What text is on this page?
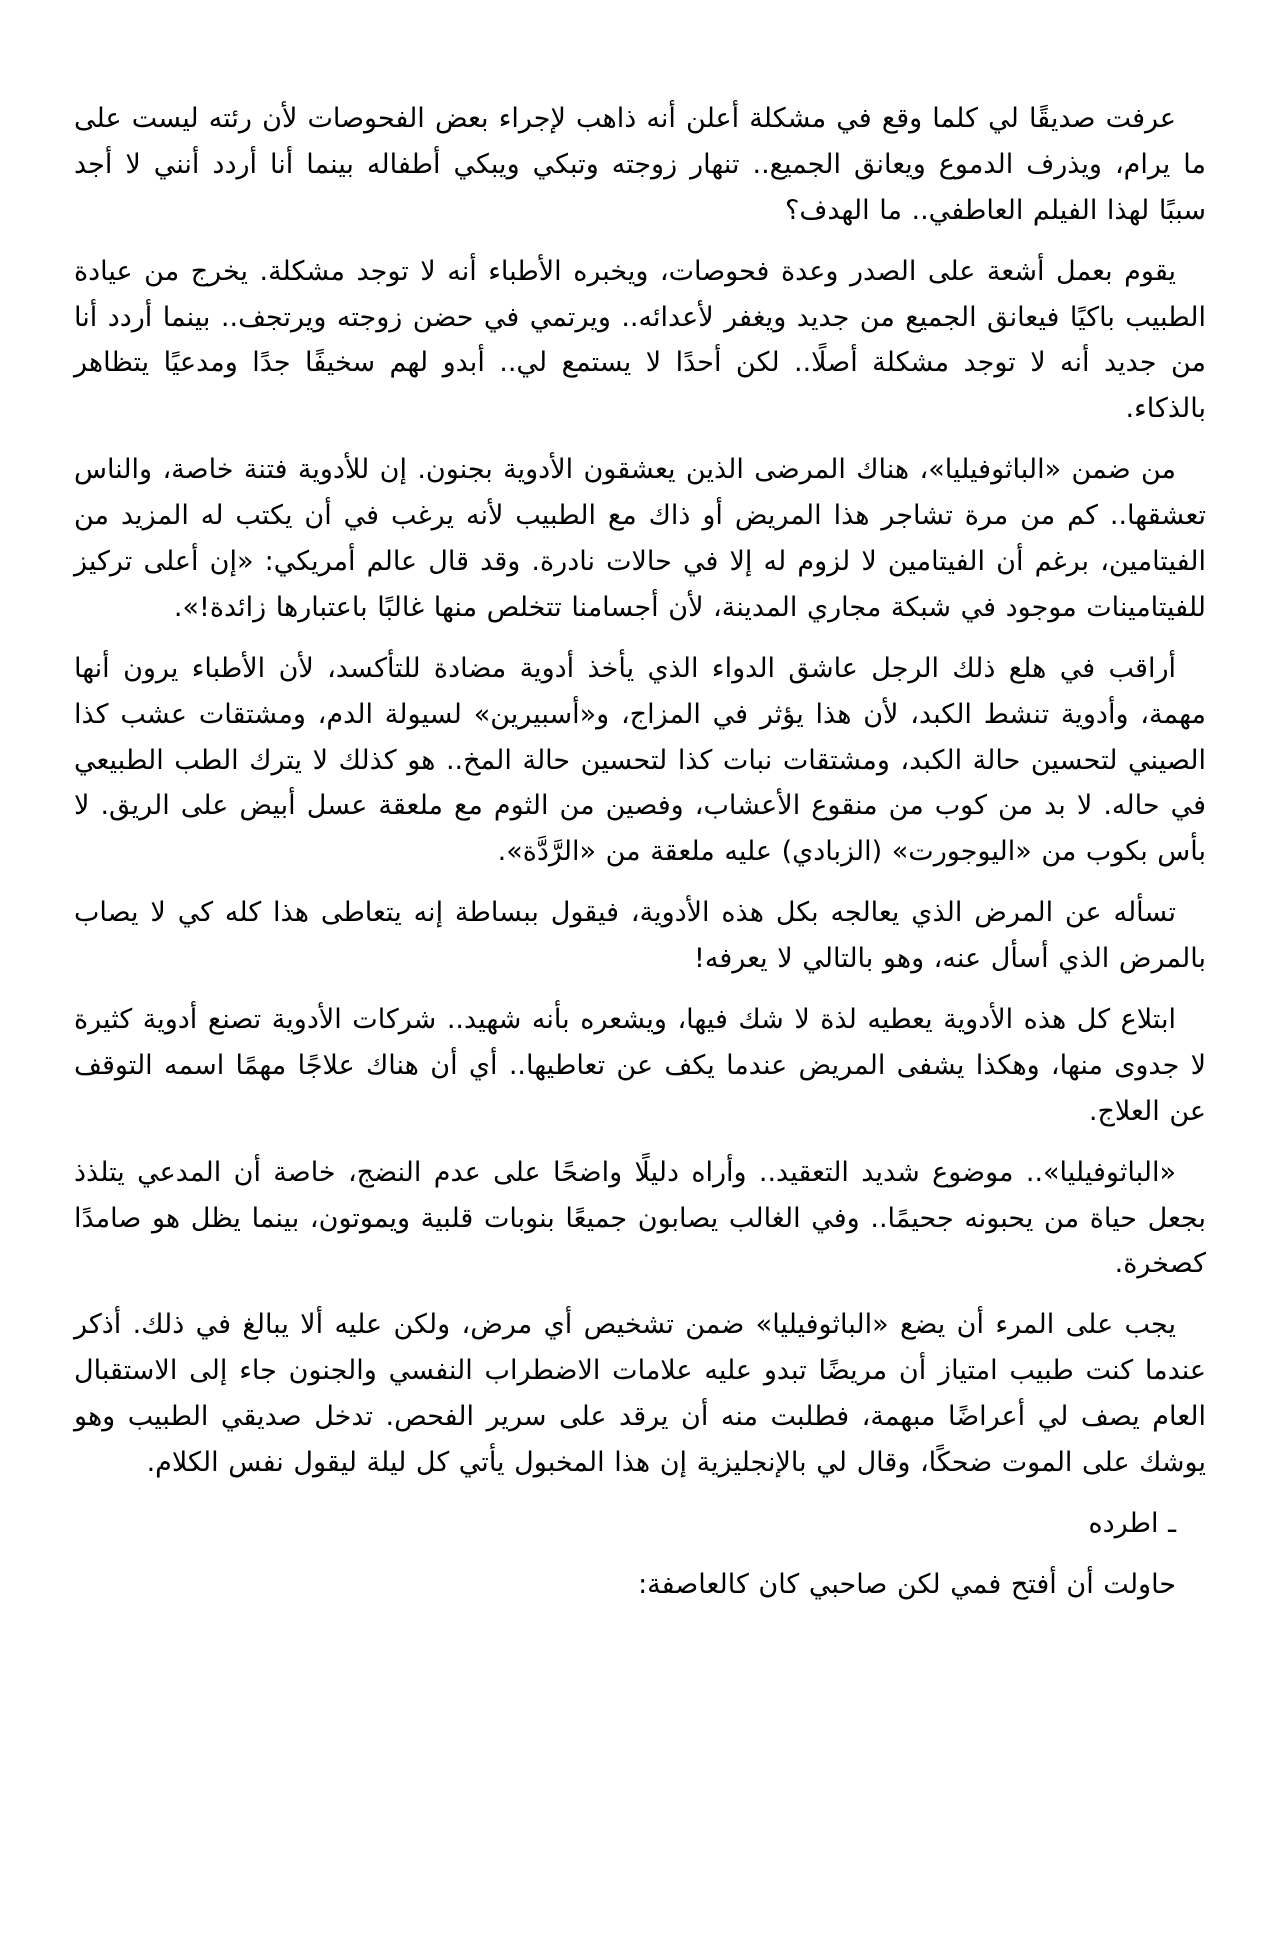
عرفت صديقًا لي كلما وقع في مشكلة أعلن أنه ذاهب لإجراء بعض الفحوصات لأن رئته ليست على ما يرام، ويذرف الدموع ويعانق الجميع.. تنهار زوجته وتبكي ويبكي أطفاله بينما أنا أردد أنني لا أجد سببًا لهذا الفيلم العاطفي.. ما الهدف؟

يقوم بعمل أشعة على الصدر وعدة فحوصات، ويخبره الأطباء أنه لا توجد مشكلة. يخرج من عيادة الطبيب باكيًا فيعانق الجميع من جديد ويغفر لأعدائه.. ويرتمي في حضن زوجته ويرتجف.. بينما أردد أنا من جديد أنه لا توجد مشكلة أصلًا.. لكن أحدًا لا يستمع لي.. أبدو لهم سخيفًا جدًا ومدعيًا يتظاهر بالذكاء.

من ضمن «الباثوفيليا»، هناك المرضى الذين يعشقون الأدوية بجنون. إن للأدوية فتنة خاصة، والناس تعشقها.. كم من مرة تشاجر هذا المريض أو ذاك مع الطبيب لأنه يرغب في أن يكتب له المزيد من الفيتامين، برغم أن الفيتامين لا لزوم له إلا في حالات نادرة. وقد قال عالم أمريكي: «إن أعلى تركيز للفيتامينات موجود في شبكة مجاري المدينة، لأن أجسامنا تتخلص منها غالبًا باعتبارها زائدة!».

أراقب في هلع ذلك الرجل عاشق الدواء الذي يأخذ أدوية مضادة للتأكسد، لأن الأطباء يرون أنها مهمة، وأدوية تنشط الكبد، لأن هذا يؤثر في المزاج، و«أسبيرين» لسيولة الدم، ومشتقات عشب كذا الصيني لتحسين حالة الكبد، ومشتقات نبات كذا لتحسين حالة المخ.. هو كذلك لا يترك الطب الطبيعي في حاله. لا بد من كوب من منقوع الأعشاب، وفصين من الثوم مع ملعقة عسل أبيض على الريق. لا بأس بكوب من «اليوجورت» (الزبادي) عليه ملعقة من «الرَّدَّة».

تسأله عن المرض الذي يعالجه بكل هذه الأدوية، فيقول ببساطة إنه يتعاطى هذا كله كي لا يصاب بالمرض الذي أسأل عنه، وهو بالتالي لا يعرفه!

ابتلاع كل هذه الأدوية يعطيه لذة لا شك فيها، ويشعره بأنه شهيد.. شركات الأدوية تصنع أدوية كثيرة لا جدوى منها، وهكذا يشفى المريض عندما يكف عن تعاطيها.. أي أن هناك علاجًا مهمًا اسمه التوقف عن العلاج.

«الباثوفيليا».. موضوع شديد التعقيد.. وأراه دليلًا واضحًا على عدم النضج، خاصة أن المدعي يتلذذ بجعل حياة من يحبونه جحيمًا.. وفي الغالب يصابون جميعًا بنوبات قلبية ويموتون، بينما يظل هو صامدًا كصخرة.

يجب على المرء أن يضع «الباثوفيليا» ضمن تشخيص أي مرض، ولكن عليه ألا يبالغ في ذلك. أذكر عندما كنت طبيب امتياز أن مريضًا تبدو عليه علامات الاضطراب النفسي والجنون جاء إلى الاستقبال العام يصف لي أعراضًا مبهمة، فطلبت منه أن يرقد على سرير الفحص. تدخل صديقي الطبيب وهو يوشك على الموت ضحكًا، وقال لي بالإنجليزية إن هذا المخبول يأتي كل ليلة ليقول نفس الكلام.

ـ اطرده

حاولت أن أفتح فمي لكن صاحبي كان كالعاصفة:
